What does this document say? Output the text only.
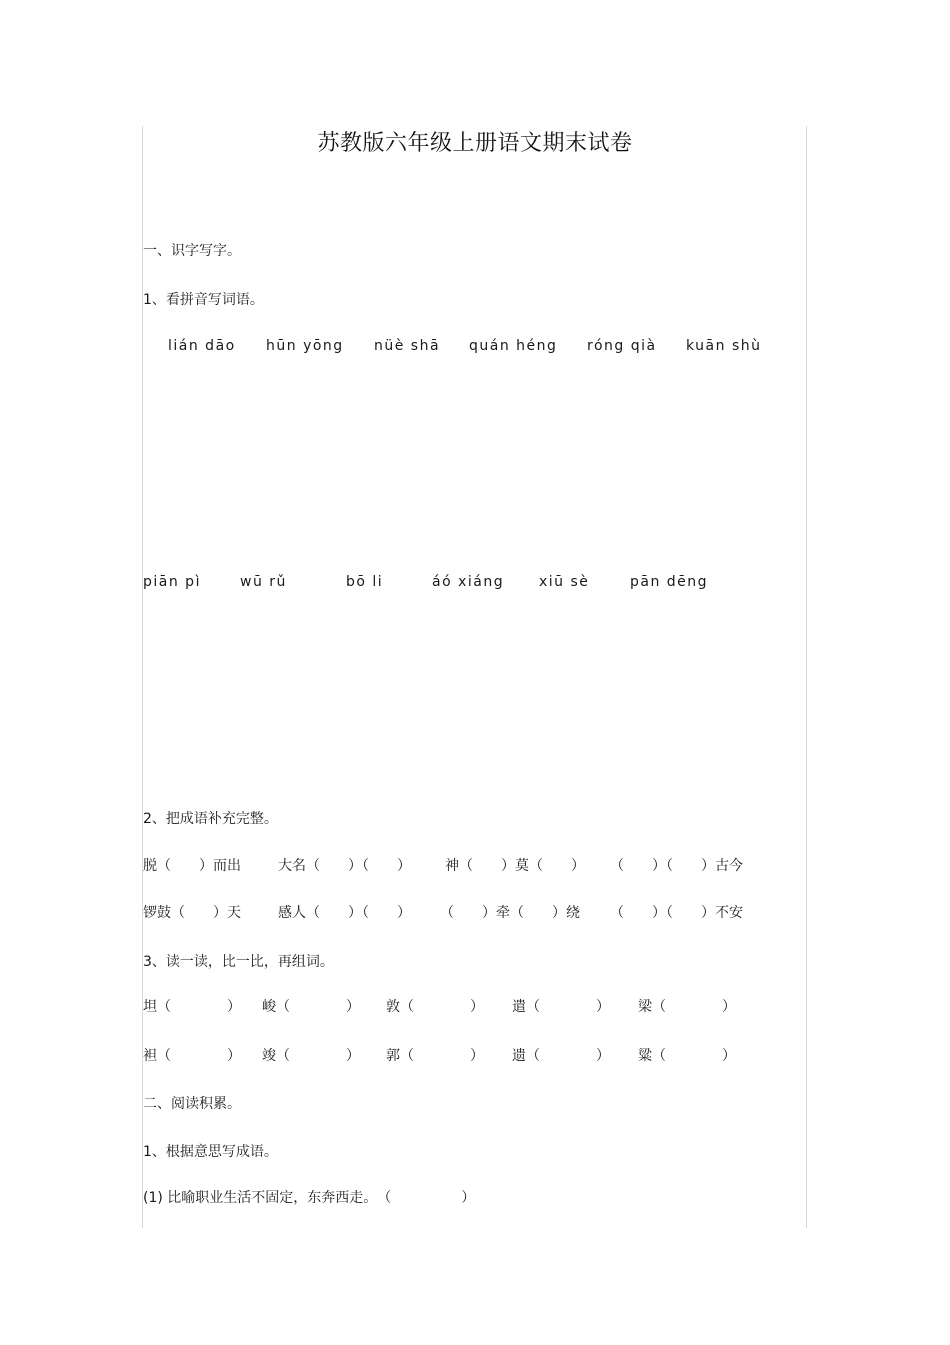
苏教版六年级上册语文期末试卷
一、识字写字。
1、看拼音写词语。
lián dāo hūn yōng nüè shā quán héng róng qià kuān shù
piān pì	wū rǔ	bō li	áó xiáng xiū sè	pān dēng
2、把成语补充完整。
脱（　　）而出	大名（　　）（　　） 神（　　）莫（　　） （　　）（　　）古今
锣鼓（　　）天	感人（　　）（　　） （　　）牵（　　）绕 （　　）（　　）不安
3、读一读，比一比，再组词。
坦（　　　　） 峻（　　　　） 敦（　　　　） 遣（　　　　） 梁（　　　　）
袒（　　　　） 竣（　　　　） 郭（　　　　） 遗（　　　　） 粱（　　　　）
二、阅读积累。
1、根据意思写成语。
(1) 比喻职业生活不固定，东奔西走。　（　　　　　）
